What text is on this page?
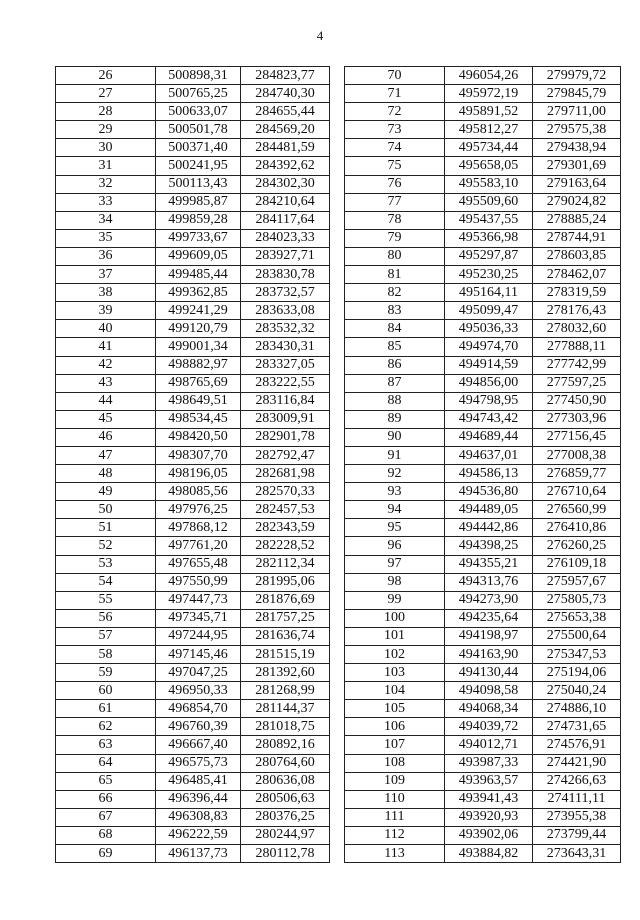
4
26	500898,31	284823,77
27	500765,25	284740,30
28	500633,07	284655,44
29	500501,78	284569,20
30	500371,40	284481,59
31	500241,95	284392,62
32	500113,43	284302,30
33	499985,87	284210,64
34	499859,28	284117,64
35	499733,67	284023,33
36	499609,05	283927,71
37	499485,44	283830,78
38	499362,85	283732,57
39	499241,29	283633,08
40	499120,79	283532,32
41	499001,34	283430,31
42	498882,97	283327,05
43	498765,69	283222,55
44	498649,51	283116,84
45	498534,45	283009,91
46	498420,50	282901,78
47	498307,70	282792,47
48	498196,05	282681,98
49	498085,56	282570,33
50	497976,25	282457,53
51	497868,12	282343,59
52	497761,20	282228,52
53	497655,48	282112,34
54	497550,99	281995,06
55	497447,73	281876,69
56	497345,71	281757,25
57	497244,95	281636,74
58	497145,46	281515,19
59	497047,25	281392,60
60	496950,33	281268,99
61	496854,70	281144,37
62	496760,39	281018,75
63	496667,40	280892,16
64	496575,73	280764,60
65	496485,41	280636,08
66	496396,44	280506,63
67	496308,83	280376,25
68	496222,59	280244,97
69	496137,73	280112,78
70	496054,26	279979,72
71	495972,19	279845,79
72	495891,52	279711,00
73	495812,27	279575,38
74	495734,44	279438,94
75	495658,05	279301,69
76	495583,10	279163,64
77	495509,60	279024,82
78	495437,55	278885,24
79	495366,98	278744,91
80	495297,87	278603,85
81	495230,25	278462,07
82	495164,11	278319,59
83	495099,47	278176,43
84	495036,33	278032,60
85	494974,70	277888,11
86	494914,59	277742,99
87	494856,00	277597,25
88	494798,95	277450,90
89	494743,42	277303,96
90	494689,44	277156,45
91	494637,01	277008,38
92	494586,13	276859,77
93	494536,80	276710,64
94	494489,05	276560,99
95	494442,86	276410,86
96	494398,25	276260,25
97	494355,21	276109,18
98	494313,76	275957,67
99	494273,90	275805,73
100	494235,64	275653,38
101	494198,97	275500,64
102	494163,90	275347,53
103	494130,44	275194,06
104	494098,58	275040,24
105	494068,34	274886,10
106	494039,72	274731,65
107	494012,71	274576,91
108	493987,33	274421,90
109	493963,57	274266,63
110	493941,43	274111,11
111	493920,93	273955,38
112	493902,06	273799,44
113	493884,82	273643,31
